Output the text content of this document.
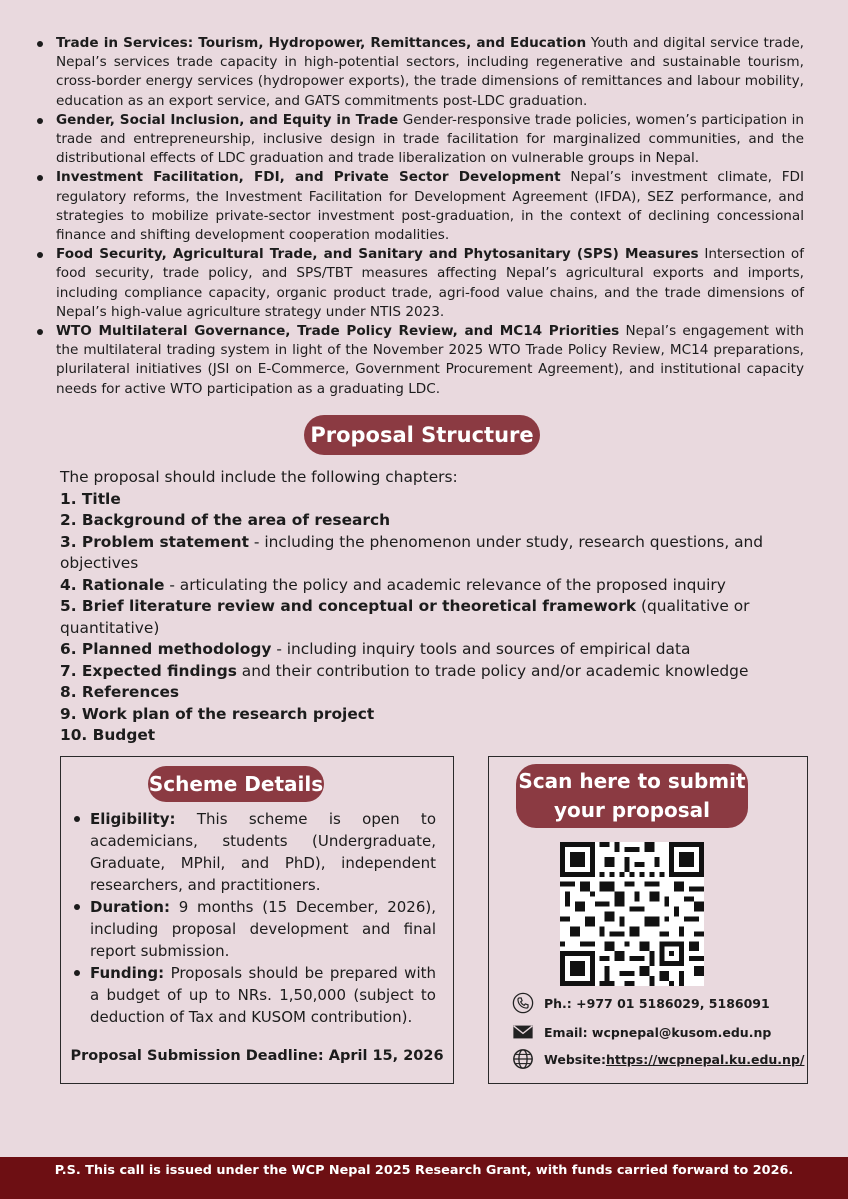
Trade in Services: Tourism, Hydropower, Remittances, and Education Youth and digital service trade, Nepal’s services trade capacity in high-potential sectors, including regenerative and sustainable tourism, cross-border energy services (hydropower exports), the trade dimensions of remittances and labour mobility, education as an export service, and GATS commitments post-LDC graduation.
Gender, Social Inclusion, and Equity in Trade Gender-responsive trade policies, women’s participation in trade and entrepreneurship, inclusive design in trade facilitation for marginalized communities, and the distributional effects of LDC graduation and trade liberalization on vulnerable groups in Nepal.
Investment Facilitation, FDI, and Private Sector Development Nepal’s investment climate, FDI regulatory reforms, the Investment Facilitation for Development Agreement (IFDA), SEZ performance, and strategies to mobilize private-sector investment post-graduation, in the context of declining concessional finance and shifting development cooperation modalities.
Food Security, Agricultural Trade, and Sanitary and Phytosanitary (SPS) Measures Intersection of food security, trade policy, and SPS/TBT measures affecting Nepal’s agricultural exports and imports, including compliance capacity, organic product trade, agri-food value chains, and the trade dimensions of Nepal’s high-value agriculture strategy under NTIS 2023.
WTO Multilateral Governance, Trade Policy Review, and MC14 Priorities Nepal’s engagement with the multilateral trading system in light of the November 2025 WTO Trade Policy Review, MC14 preparations, plurilateral initiatives (JSI on E-Commerce, Government Procurement Agreement), and institutional capacity needs for active WTO participation as a graduating LDC.
Proposal Structure
The proposal should include the following chapters:
1. Title
2. Background of the area of research
3. Problem statement - including the phenomenon under study, research questions, and objectives
4. Rationale - articulating the policy and academic relevance of the proposed inquiry
5. Brief literature review and conceptual or theoretical framework (qualitative or quantitative)
6. Planned methodology - including inquiry tools and sources of empirical data
7. Expected findings and their contribution to trade policy and/or academic knowledge
8. References
9. Work plan of the research project
10. Budget
Scheme Details
Eligibility: This scheme is open to academicians, students (Undergraduate, Graduate, MPhil, and PhD), independent researchers, and practitioners.
Duration: 9 months (15 December, 2026), including proposal development and final report submission.
Funding: Proposals should be prepared with a budget of up to NRs. 1,50,000 (subject to deduction of Tax and KUSOM contribution).
Proposal Submission Deadline: April 15, 2026
Scan here to submit your proposal
Ph.: +977 01 5186029, 5186091
Email: wcpnepal@kusom.edu.np
Website: https://wcpnepal.ku.edu.np/
P.S. This call is issued under the WCP Nepal 2025 Research Grant, with funds carried forward to 2026.
